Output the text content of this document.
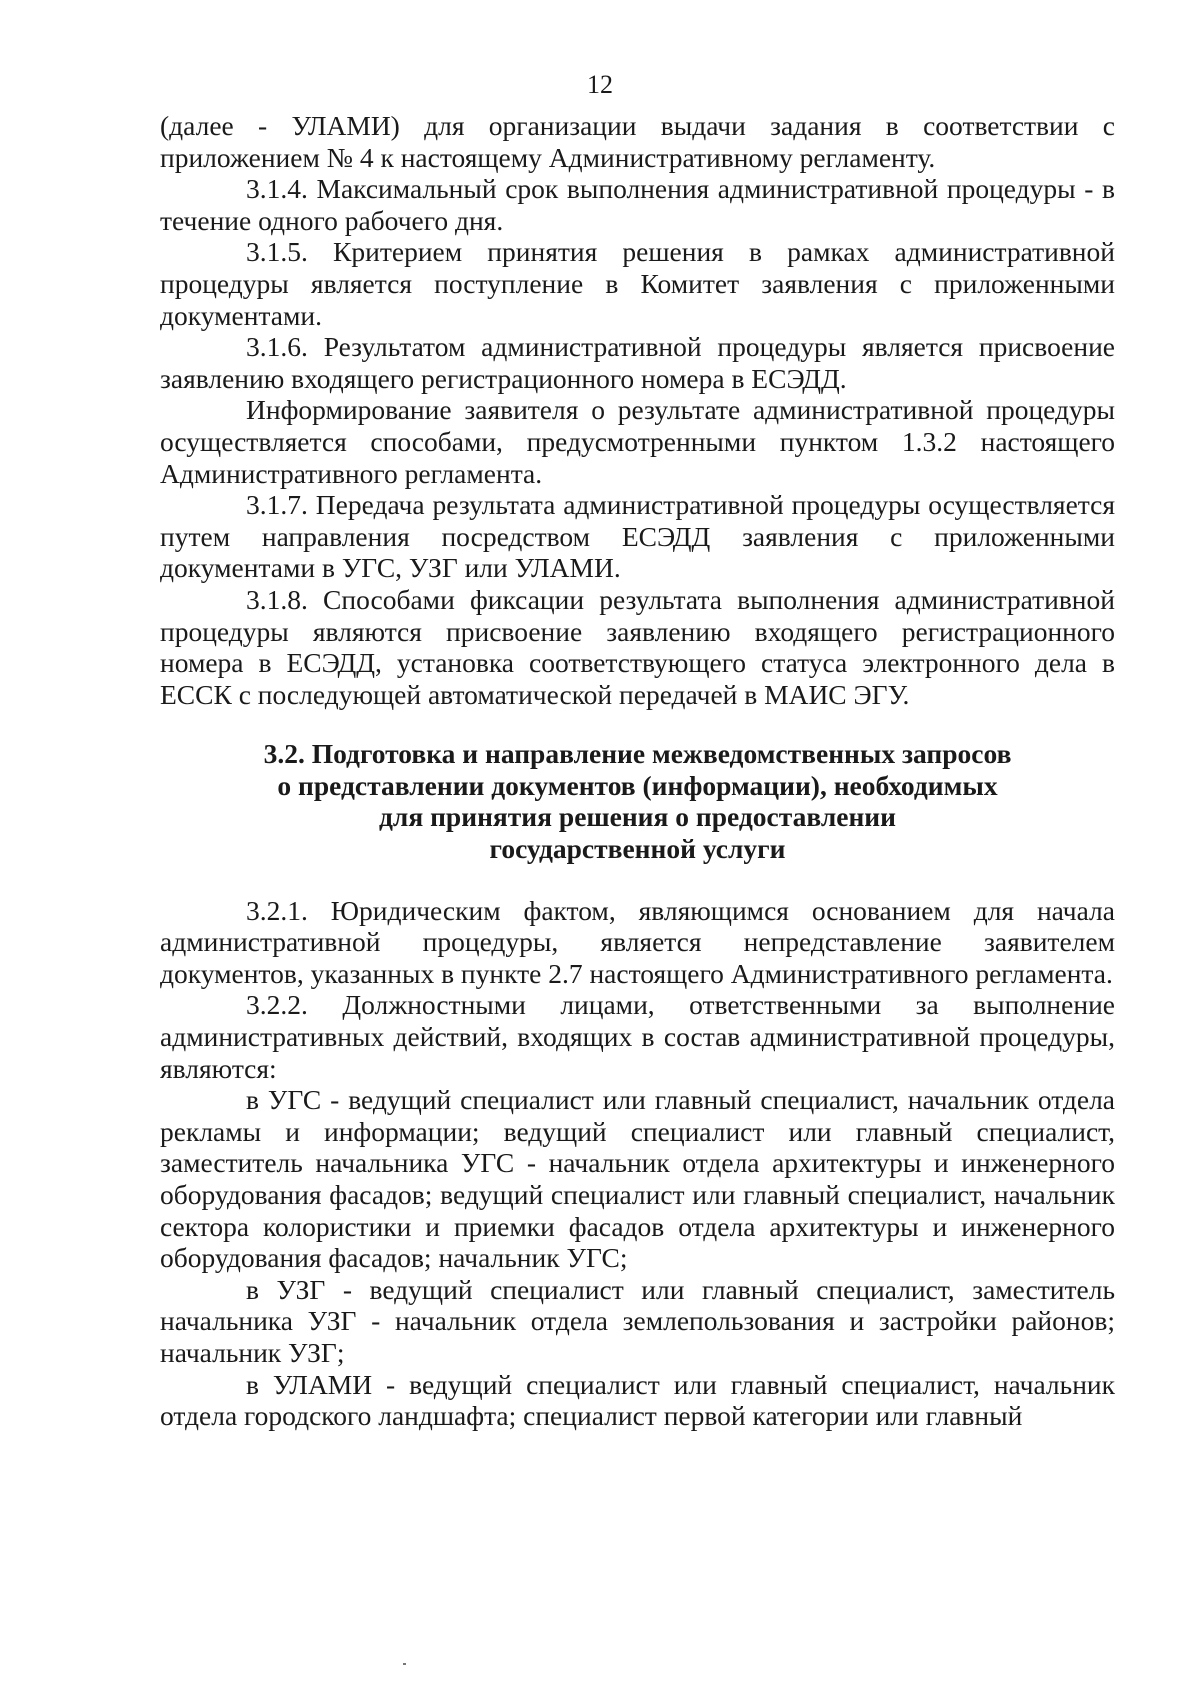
12

(далее - УЛАМИ) для организации выдачи задания в соответствии с приложением № 4 к настоящему Административному регламенту.

3.1.4. Максимальный срок выполнения административной процедуры - в течение одного рабочего дня.

3.1.5. Критерием принятия решения в рамках административной процедуры является поступление в Комитет заявления с приложенными документами.

3.1.6. Результатом административной процедуры является присвоение заявлению входящего регистрационного номера в ЕСЭДД.

Информирование заявителя о результате административной процедуры осуществляется способами, предусмотренными пунктом 1.3.2 настоящего Административного регламента.

3.1.7. Передача результата административной процедуры осуществляется путем направления посредством ЕСЭДД заявления с приложенными документами в УГС, УЗГ или УЛАМИ.

3.1.8. Способами фиксации результата выполнения административной процедуры являются присвоение заявлению входящего регистрационного номера в ЕСЭДД, установка соответствующего статуса электронного дела в ЕССК с последующей автоматической передачей в МАИС ЭГУ.

3.2. Подготовка и направление межведомственных запросов
о представлении документов (информации), необходимых
для принятия решения о предоставлении
государственной услуги

3.2.1. Юридическим фактом, являющимся основанием для начала административной процедуры, является непредставление заявителем документов, указанных в пункте 2.7 настоящего Административного регламента.

3.2.2. Должностными лицами, ответственными за выполнение административных действий, входящих в состав административной процедуры, являются:

в УГС - ведущий специалист или главный специалист, начальник отдела рекламы и информации; ведущий специалист или главный специалист, заместитель начальника УГС - начальник отдела архитектуры и инженерного оборудования фасадов; ведущий специалист или главный специалист, начальник сектора колористики и приемки фасадов отдела архитектуры и инженерного оборудования фасадов; начальник УГС;

в УЗГ - ведущий специалист или главный специалист, заместитель начальника УЗГ - начальник отдела землепользования и застройки районов; начальник УЗГ;

в УЛАМИ - ведущий специалист или главный специалист, начальник отдела городского ландшафта; специалист первой категории или главный
